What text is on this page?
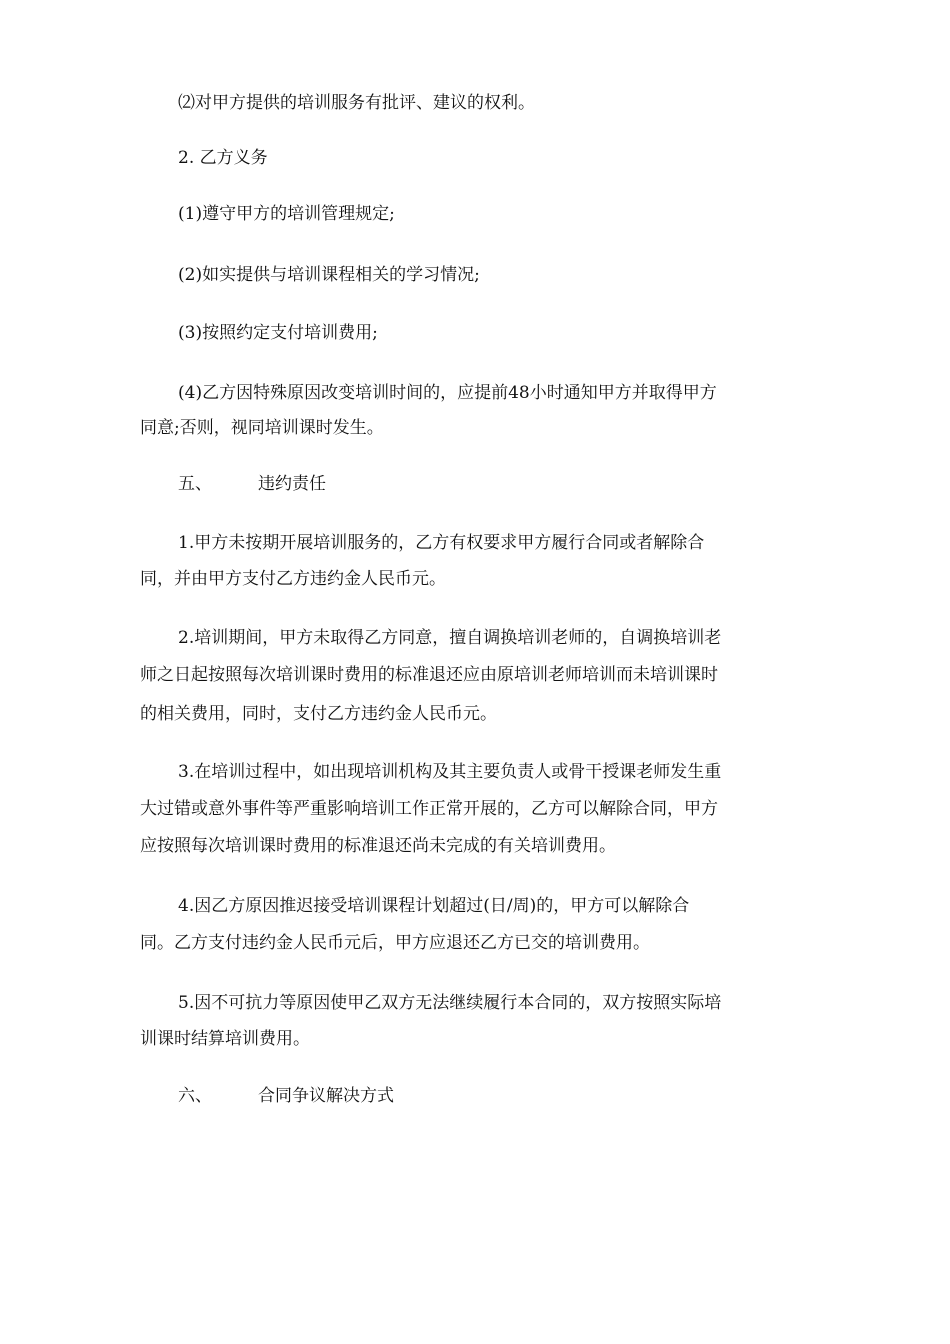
⑵对甲方提供的培训服务有批评、建议的权利。

2. 乙方义务

(1)遵守甲方的培训管理规定;

(2)如实提供与培训课程相关的学习情况;

(3)按照约定支付培训费用;

(4)乙方因特殊原因改变培训时间的，应提前48小时通知甲方并取得甲方

同意;否则，视同培训课时发生。

五、	违约责任

1.甲方未按期开展培训服务的，乙方有权要求甲方履行合同或者解除合

同，并由甲方支付乙方违约金人民币元。

2.培训期间，甲方未取得乙方同意，擅自调换培训老师的，自调换培训老

师之日起按照每次培训课时费用的标准退还应由原培训老师培训而未培训课时

的相关费用，同时，支付乙方违约金人民币元。

3.在培训过程中，如出现培训机构及其主要负责人或骨干授课老师发生重

大过错或意外事件等严重影响培训工作正常开展的，乙方可以解除合同，甲方

应按照每次培训课时费用的标准退还尚未完成的有关培训费用。

4.因乙方原因推迟接受培训课程计划超过(日/周)的，甲方可以解除合

同。乙方支付违约金人民币元后，甲方应退还乙方已交的培训费用。

5.因不可抗力等原因使甲乙双方无法继续履行本合同的，双方按照实际培

训课时结算培训费用。

六、	合同争议解决方式
